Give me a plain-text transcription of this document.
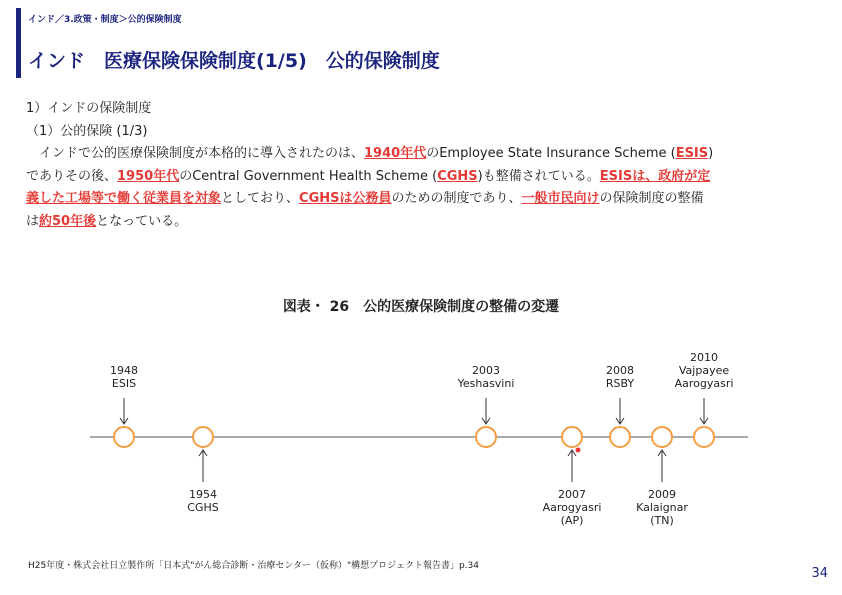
インド／3.政策・制度＞公的保険制度
インド　医療保険保険制度(1/5)　公的保険制度
1）インドの保険制度
（1）公的保険 (1/3)
　インドで公的医療保険制度が本格的に導入されたのは、1940年代のEmployee State Insurance Scheme (ESIS)
でありその後、1950年代のCentral Government Health Scheme (CGHS)も整備されている。ESISは、政府が定
義した工場等で働く従業員を対象としており、CGHSは公務員のための制度であり、一般市民向けの保険制度の整備
は約50年後となっている。
図表・ 26　公的医療保険制度の整備の変遷
1948
ESIS
2003
Yeshasvini
2008
RSBY
2010
Vajpayee
Aarogyasri
1954
CGHS
2007
Aarogyasri
(AP)
2009
Kalaignar
(TN)
H25年度・株式会社日立製作所「日本式"がん総合診断・治療センター（仮称）"構想プロジェクト報告書」p.34	34
